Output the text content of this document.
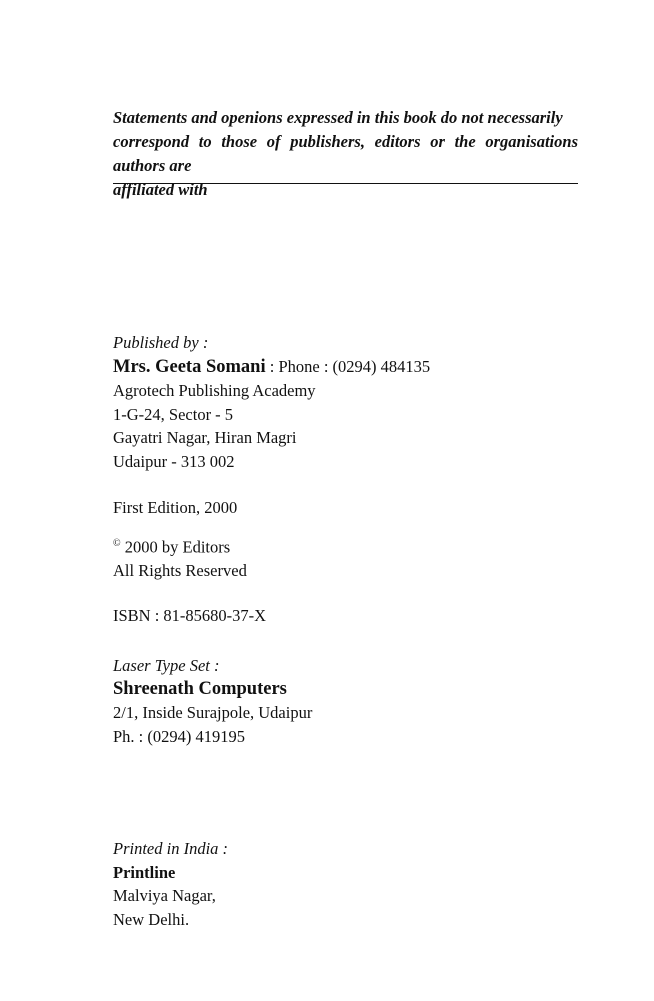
Statements and openions expressed in this book do not necessarily
correspond to those of publishers, editors or the organisations authors are
affiliated with
Published by :
Mrs. Geeta Somani : Phone : (0294) 484135
Agrotech Publishing Academy
1-G-24, Sector - 5
Gayatri Nagar, Hiran Magri
Udaipur - 313 002
First Edition, 2000
© 2000 by Editors
All Rights Reserved
ISBN : 81-85680-37-X
Laser Type Set :
Shreenath Computers
2/1, Inside Surajpole, Udaipur
Ph. : (0294) 419195
Printed in India :
Printline
Malviya Nagar,
New Delhi.
